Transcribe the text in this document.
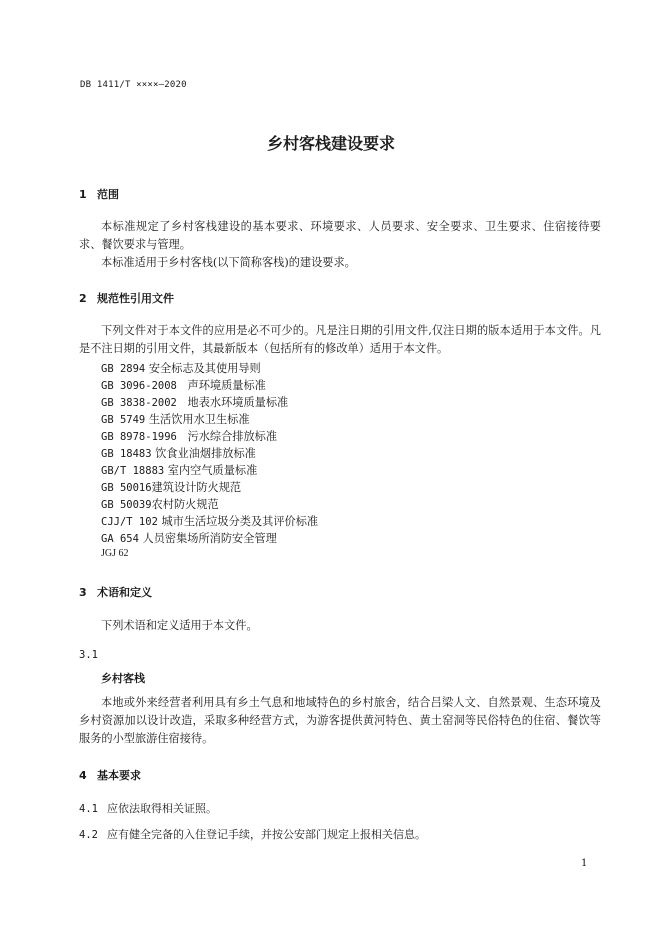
DB 1411/T ××××—2020
乡村客栈建设要求
1 范围
本标准规定了乡村客栈建设的基本要求、环境要求、人员要求、安全要求、卫生要求、住宿接待要求、餐饮要求与管理。
本标准适用于乡村客栈(以下简称客栈)的建设要求。
2 规范性引用文件
下列文件对于本文件的应用是必不可少的。凡是注日期的引用文件,仅注日期的版本适用于本文件。凡是不注日期的引用文件，其最新版本（包括所有的修改单）适用于本文件。
GB 2894 安全标志及其使用导则
GB 3096-2008 声环境质量标准
GB 3838-2002 地表水环境质量标准
GB 5749 生活饮用水卫生标准
GB 8978-1996 污水综合排放标准
GB 18483 饮食业油烟排放标准
GB/T 18883 室内空气质量标准
GB 50016建筑设计防火规范
GB 50039农村防火规范
CJJ/T 102 城市生活垃圾分类及其评价标准
GA 654 人员密集场所消防安全管理
JGJ 62
3 术语和定义
下列术语和定义适用于本文件。
3.1
乡村客栈
本地或外来经营者利用具有乡土气息和地域特色的乡村旅舍，结合吕梁人文、自然景观、生态环境及乡村资源加以设计改造，采取多种经营方式，为游客提供黄河特色、黄土窑洞等民俗特色的住宿、餐饮等服务的小型旅游住宿接待。
4 基本要求
4.1 应依法取得相关证照。
4.2 应有健全完备的入住登记手续，并按公安部门规定上报相关信息。
1
